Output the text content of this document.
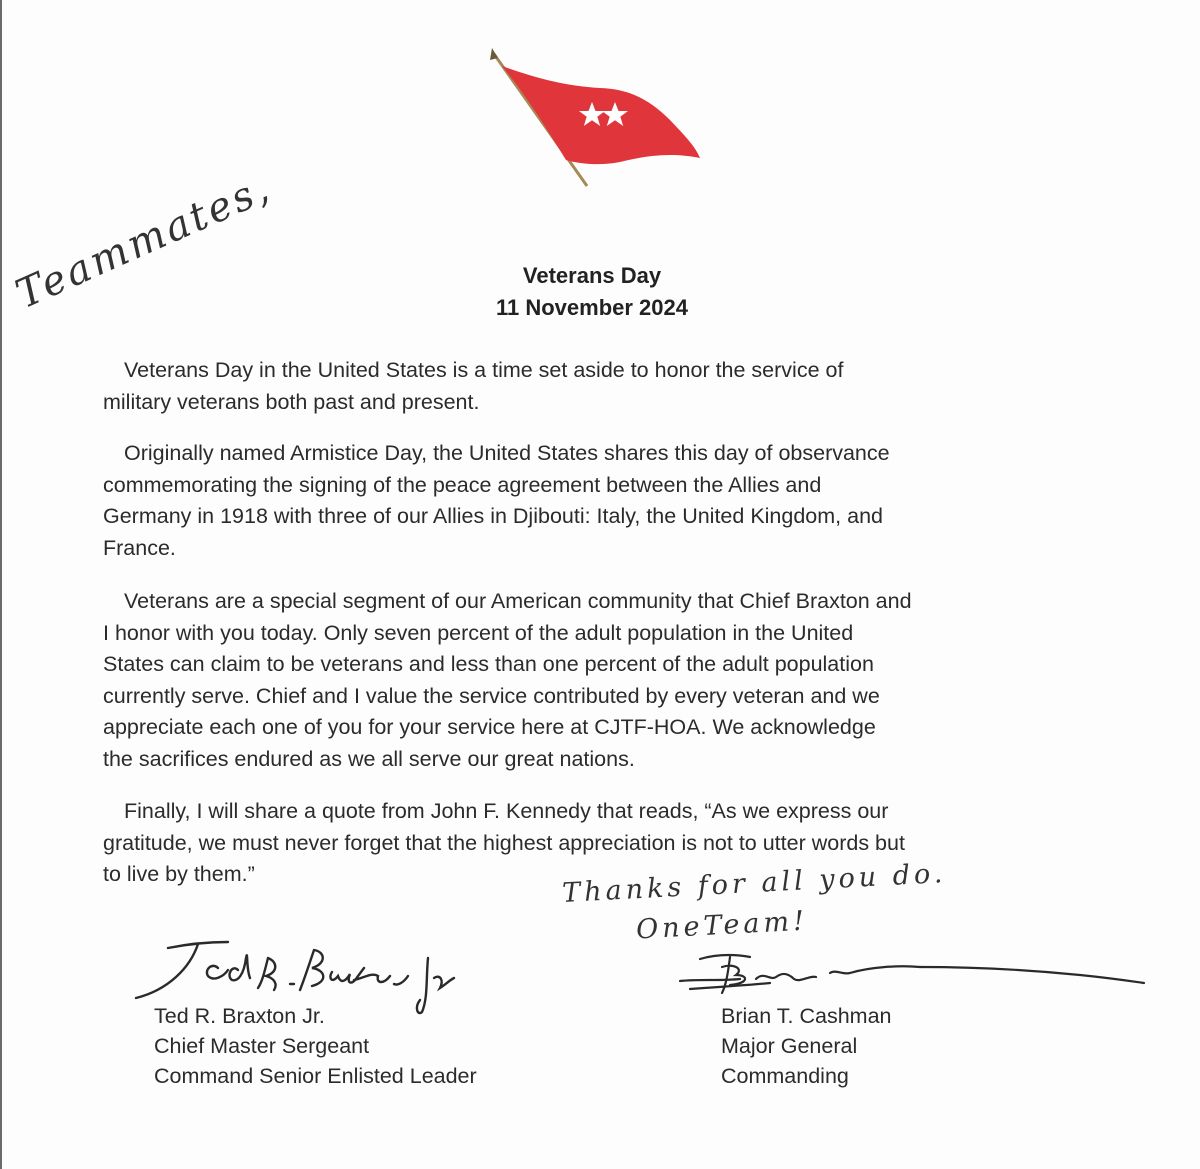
Teammates,	Veterans Day
11 November 2024
Veterans Day in the United States is a time set aside to honor the service of
military veterans both past and present.
Originally named Armistice Day, the United States shares this day of observance
commemorating the signing of the peace agreement between the Allies and
Germany in 1918 with three of our Allies in Djibouti: Italy, the United Kingdom, and
France.
Veterans are a special segment of our American community that Chief Braxton and
I honor with you today. Only seven percent of the adult population in the United
States can claim to be veterans and less than one percent of the adult population
currently serve. Chief and I value the service contributed by every veteran and we
appreciate each one of you for your service here at CJTF-HOA. We acknowledge
the sacrifices endured as we all serve our great nations.
Finally, I will share a quote from John F. Kennedy that reads, “As we express our
gratitude, we must never forget that the highest appreciation is not to utter words but
to live by them.”	Thanks for all you do.
OneTeam!
Ted R. Braxton Jr.
Chief Master Sergeant
Command Senior Enlisted Leader
Brian T. Cashman
Major General
Commanding
